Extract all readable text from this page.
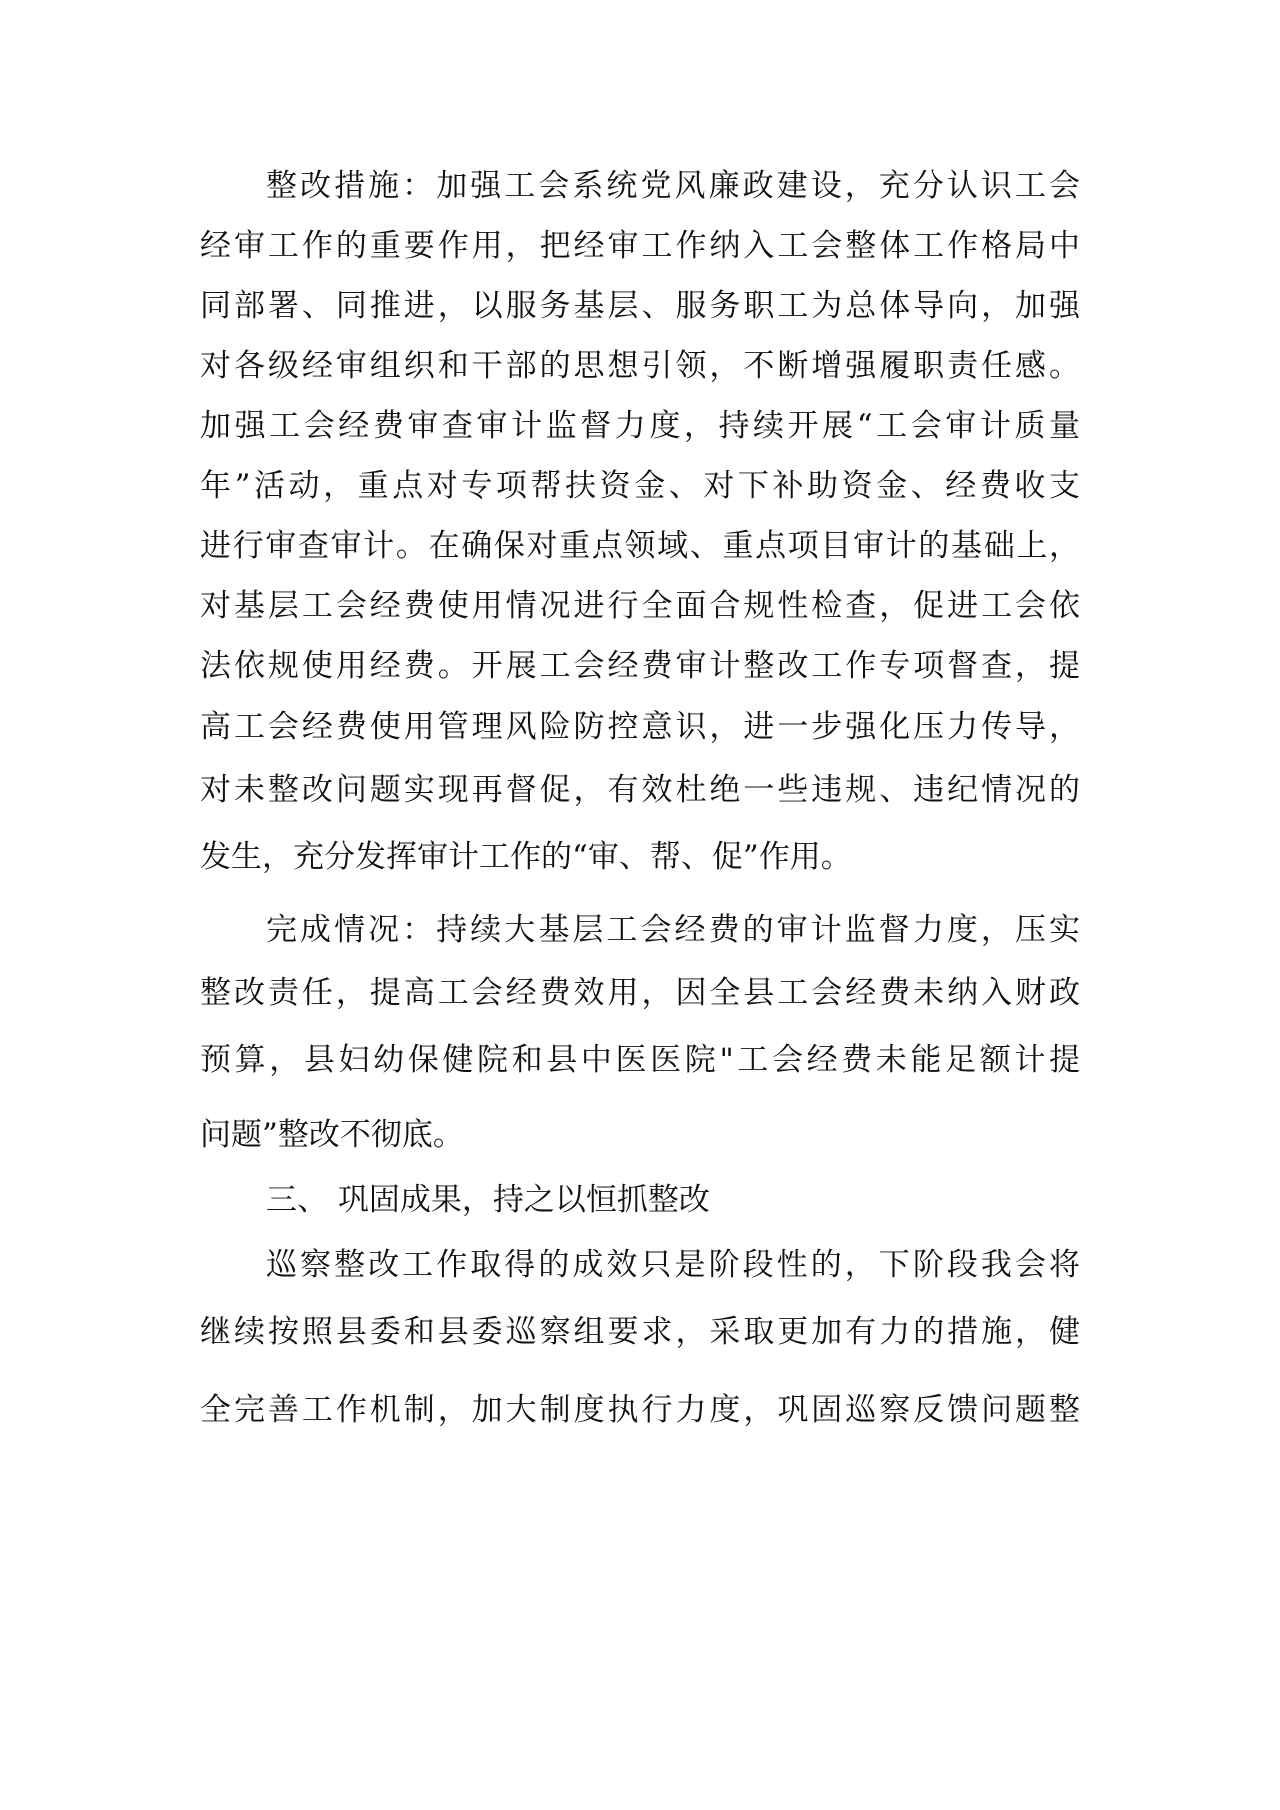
整改措施：加强工会系统党风廉政建设，充分认识工会
经审工作的重要作用，把经审工作纳入工会整体工作格局中
同部署、同推进，以服务基层、服务职工为总体导向，加强
对各级经审组织和干部的思想引领，不断增强履职责任感。
加强工会经费审查审计监督力度，持续开展“工会审计质量
年”活动，重点对专项帮扶资金、对下补助资金、经费收支
进行审查审计。在确保对重点领域、重点项目审计的基础上，
对基层工会经费使用情况进行全面合规性检查，促进工会依
法依规使用经费。开展工会经费审计整改工作专项督查，提
高工会经费使用管理风险防控意识，进一步强化压力传导，
对未整改问题实现再督促，有效杜绝一些违规、违纪情况的
发生，充分发挥审计工作的“审、帮、促”作用。
完成情况：持续大基层工会经费的审计监督力度，压实
整改责任，提高工会经费效用，因全县工会经费未纳入财政
预算，县妇幼保健院和县中医医院"工会经费未能足额计提
问题”整改不彻底。
三、 巩固成果，持之以恒抓整改
巡察整改工作取得的成效只是阶段性的，下阶段我会将
继续按照县委和县委巡察组要求，采取更加有力的措施，健
全完善工作机制，加大制度执行力度，巩固巡察反馈问题整
